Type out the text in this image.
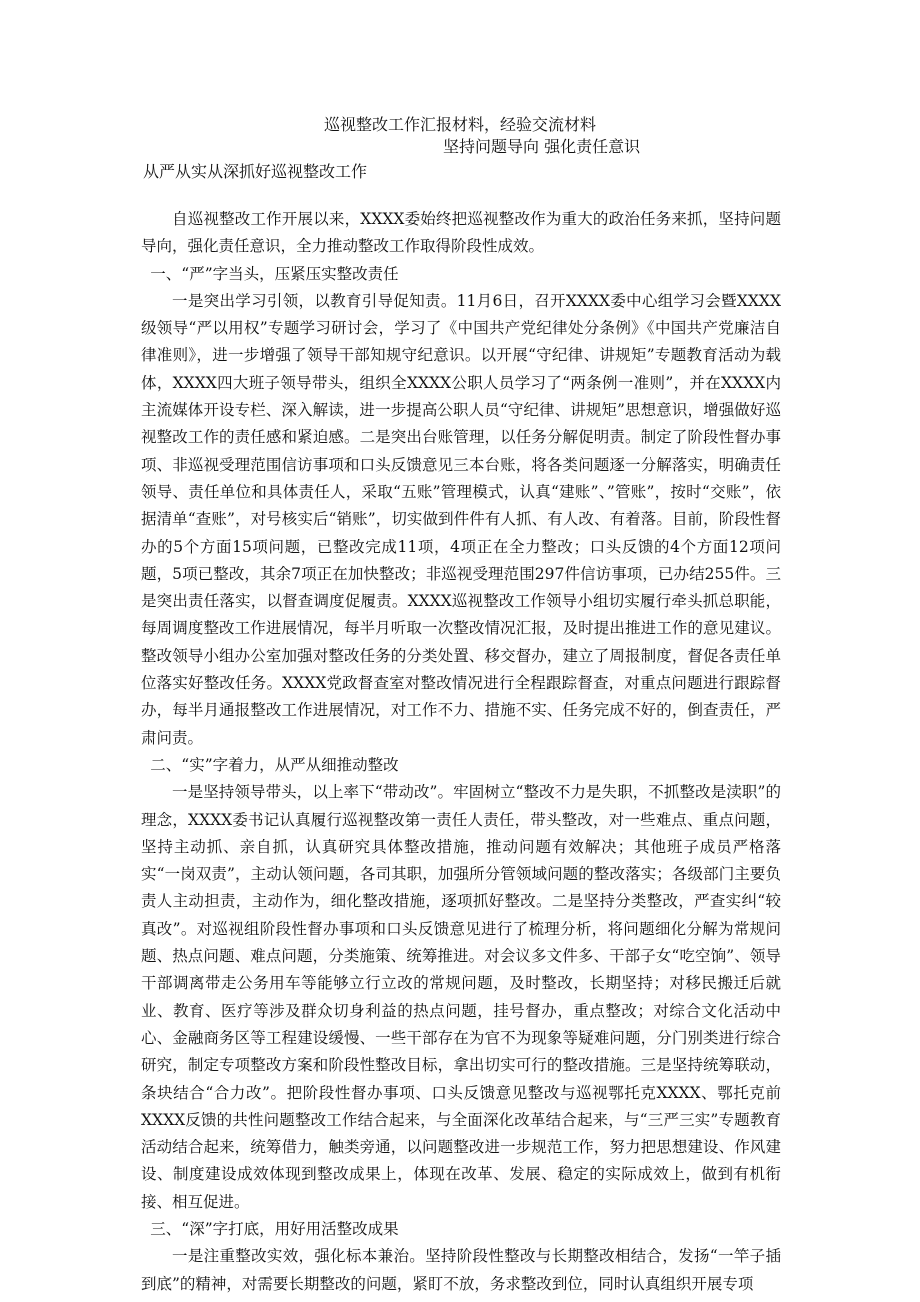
巡视整改工作汇报材料，经验交流材料
坚持问题导向 强化责任意识
从严从实从深抓好巡视整改工作

自巡视整改工作开展以来，XXXX委始终把巡视整改作为重大的政治任务来抓，坚持问题导向，强化责任意识，全力推动整改工作取得阶段性成效。

一、“严”字当头，压紧压实整改责任

一是突出学习引领，以教育引导促知责。11月6日，召开XXXX委中心组学习会暨XXXX级领导“严以用权”专题学习研讨会，学习了《中国共产党纪律处分条例》《中国共产党廉洁自律准则》，进一步增强了领导干部知规守纪意识。以开展“守纪律、讲规矩”专题教育活动为载体，XXXX四大班子领导带头，组织全XXXX公职人员学习了“两条例一准则”，并在XXXX内主流媒体开设专栏、深入解读，进一步提高公职人员“守纪律、讲规矩”思想意识，增强做好巡视整改工作的责任感和紧迫感。二是突出台账管理，以任务分解促明责。制定了阶段性督办事项、非巡视受理范围信访事项和口头反馈意见三本台账，将各类问题逐一分解落实，明确责任领导、责任单位和具体责任人，采取“五账”管理模式，认真“建账”、”管账”，按时“交账”，依据清单“查账”，对号核实后“销账”，切实做到件件有人抓、有人改、有着落。目前，阶段性督办的5个方面15项问题，已整改完成11项，4项正在全力整改；口头反馈的4个方面12项问题，5项已整改，其余7项正在加快整改；非巡视受理范围297件信访事项，已办结255件。三是突出责任落实，以督查调度促履责。XXXX巡视整改工作领导小组切实履行牵头抓总职能，每周调度整改工作进展情况，每半月听取一次整改情况汇报，及时提出推进工作的意见建议。整改领导小组办公室加强对整改任务的分类处置、移交督办，建立了周报制度，督促各责任单位落实好整改任务。XXXX党政督查室对整改情况进行全程跟踪督查，对重点问题进行跟踪督办，每半月通报整改工作进展情况，对工作不力、措施不实、任务完成不好的，倒查责任，严肃问责。

二、“实”字着力，从严从细推动整改

一是坚持领导带头，以上率下“带动改”。牢固树立“整改不力是失职，不抓整改是渎职”的理念，XXXX委书记认真履行巡视整改第一责任人责任，带头整改，对一些难点、重点问题，坚持主动抓、亲自抓，认真研究具体整改措施，推动问题有效解决；其他班子成员严格落实“一岗双责”，主动认领问题，各司其职，加强所分管领域问题的整改落实；各级部门主要负责人主动担责，主动作为，细化整改措施，逐项抓好整改。二是坚持分类整改，严查实纠“较真改”。对巡视组阶段性督办事项和口头反馈意见进行了梳理分析，将问题细化分解为常规问题、热点问题、难点问题，分类施策、统筹推进。对会议多文件多、干部子女“吃空饷”、领导干部调离带走公务用车等能够立行立改的常规问题，及时整改，长期坚持；对移民搬迁后就业、教育、医疗等涉及群众切身利益的热点问题，挂号督办，重点整改；对综合文化活动中心、金融商务区等工程建设缓慢、一些干部存在为官不为现象等疑难问题，分门别类进行综合研究，制定专项整改方案和阶段性整改目标，拿出切实可行的整改措施。三是坚持统筹联动，条块结合“合力改”。把阶段性督办事项、口头反馈意见整改与巡视鄂托克XXXX、鄂托克前XXXX反馈的共性问题整改工作结合起来，与全面深化改革结合起来，与“三严三实”专题教育活动结合起来，统筹借力，触类旁通，以问题整改进一步规范工作，努力把思想建设、作风建设、制度建设成效体现到整改成果上，体现在改革、发展、稳定的实际成效上，做到有机衔接、相互促进。

三、“深”字打底，用好用活整改成果

一是注重整改实效，强化标本兼治。坚持阶段性整改与长期整改相结合，发扬“一竿子插到底”的精神，对需要长期整改的问题，紧盯不放，务求整改到位，同时认真组织开展专项
